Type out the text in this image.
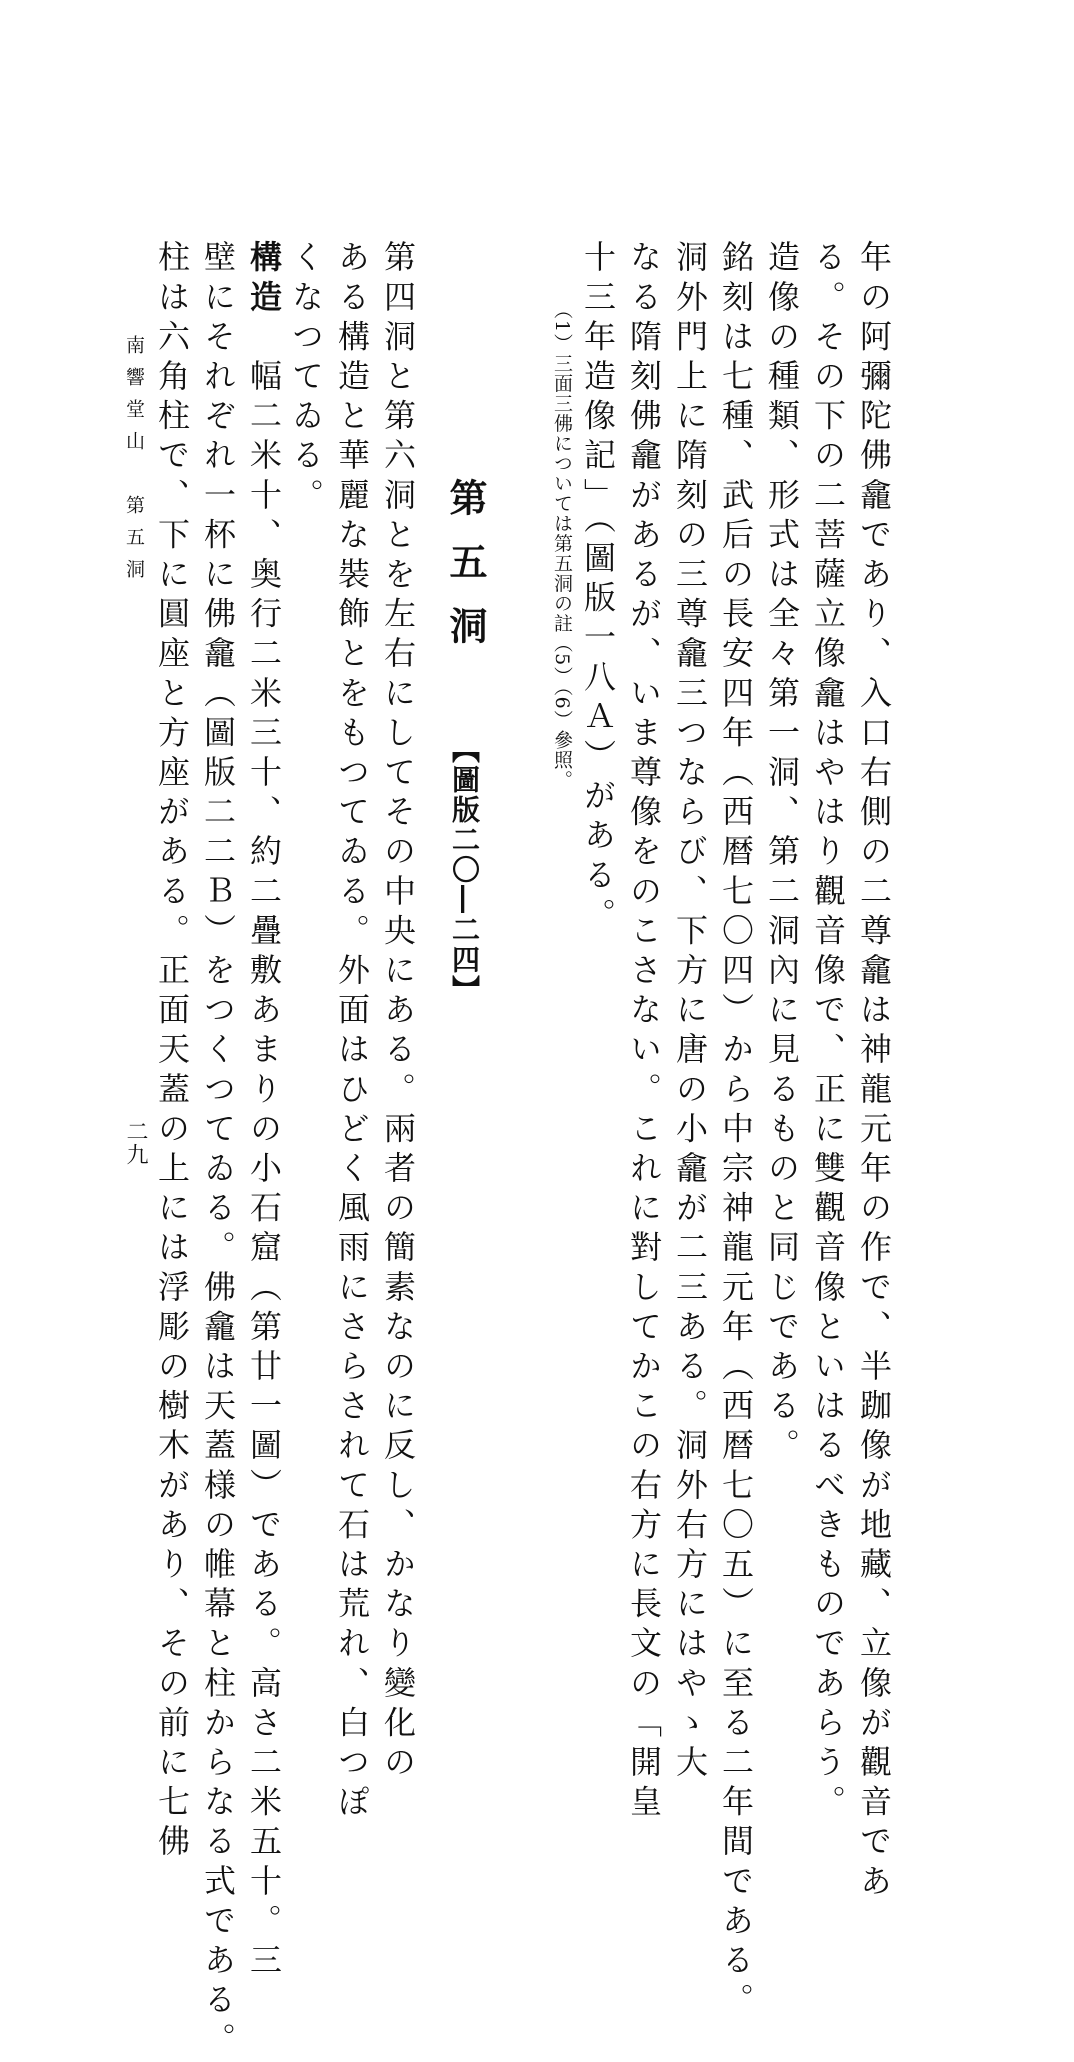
年の阿彌陀佛龕であり、入口右側の二尊龕は神龍元年の作で、半跏像が地藏、立像が觀音であ
る。その下の二菩薩立像龕はやはり觀音像で、正に雙觀音像といはるべきものであらう。
造像の種類、形式は全々第一洞、第二洞內に見るものと同じである。
銘刻は七種、武后の長安四年（西暦七〇四）から中宗神龍元年（西暦七〇五）に至る二年間である。
洞外門上に隋刻の三尊龕三つならび、下方に唐の小龕が二三ある。洞外右方にはやゝ大
なる隋刻佛龕があるが、いま尊像をのこさない。これに對してかこの右方に長文の「開皇
十三年造像記」（圖版一八Ａ）がある。
（1）三面三佛については第五洞の註（5）（6）參照。
第五洞
【圖版二〇―二四】
第四洞と第六洞とを左右にしてその中央にある。兩者の簡素なのに反し、かなり變化の
ある構造と華麗な裝飾とをもつてゐる。外面はひどく風雨にさらされて石は荒れ、白つぽ
くなつてゐる。
構造　幅二米十、奥行二米三十、約二疊敷あまりの小石窟（第廿一圖）である。高さ二米五十。三
壁にそれぞれ一杯に佛龕（圖版二二Ｂ）をつくつてゐる。佛龕は天蓋様の帷幕と柱からなる式である。
柱は六角柱で、下に圓座と方座がある。正面天蓋の上には浮彫の樹木があり、その前に七佛
南響堂山　第五洞
二九
